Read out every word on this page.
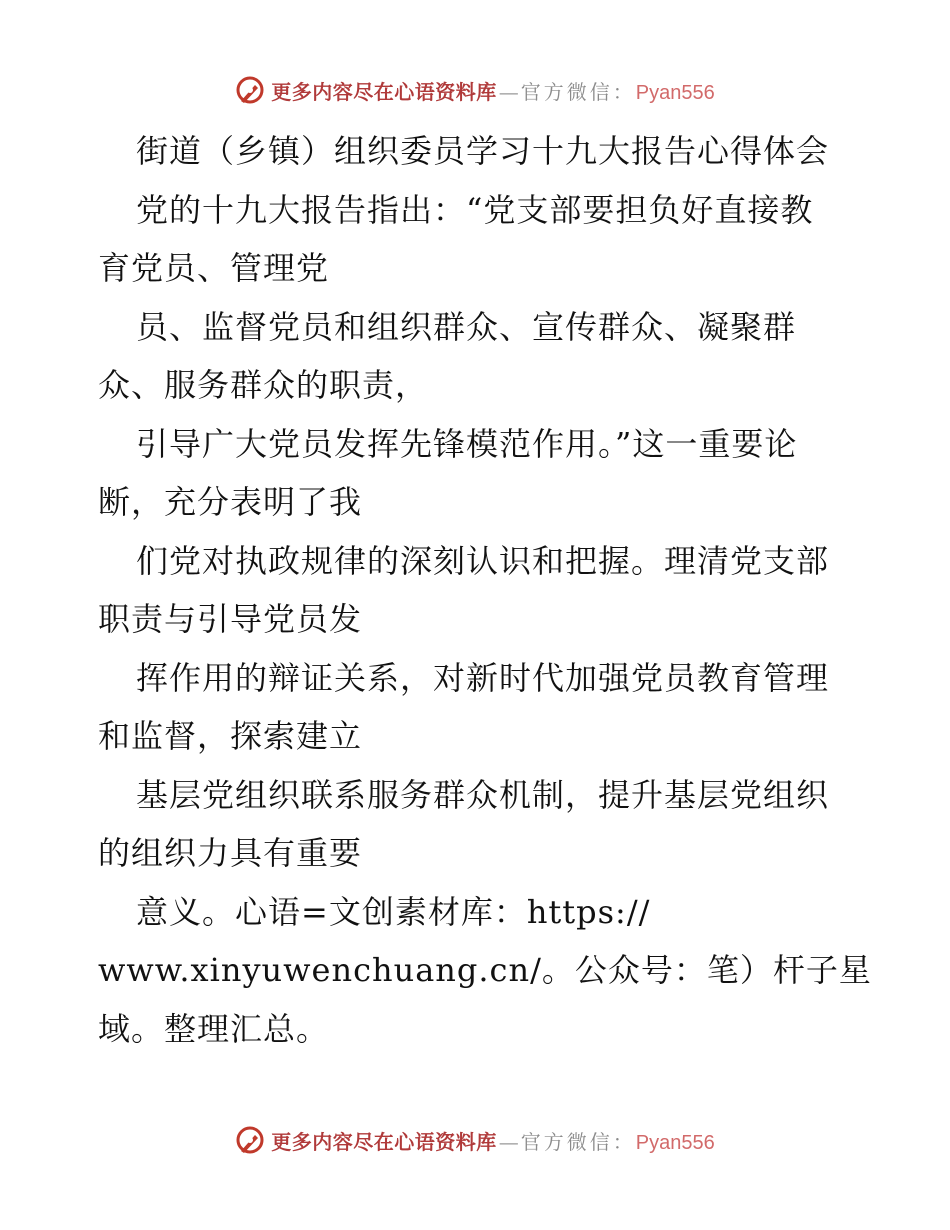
更多内容尽在心语资料库 — 官方微信： Pyan556
街道（乡镇）组织委员学习十九大报告心得体会
党的十九大报告指出：“党支部要担负好直接教
育党员、管理党
员、监督党员和组织群众、宣传群众、凝聚群
众、服务群众的职责，
引导广大党员发挥先锋模范作用。”这一重要论
断，充分表明了我
们党对执政规律的深刻认识和把握。理清党支部
职责与引导党员发
挥作用的辩证关系，对新时代加强党员教育管理
和监督，探索建立
基层党组织联系服务群众机制，提升基层党组织
的组织力具有重要
意义。心语=文创素材库：https://
www.xinyuwenchuang.cn/。公众号：笔）杆子星
域。整理汇总。
更多内容尽在心语资料库 — 官方微信： Pyan556
